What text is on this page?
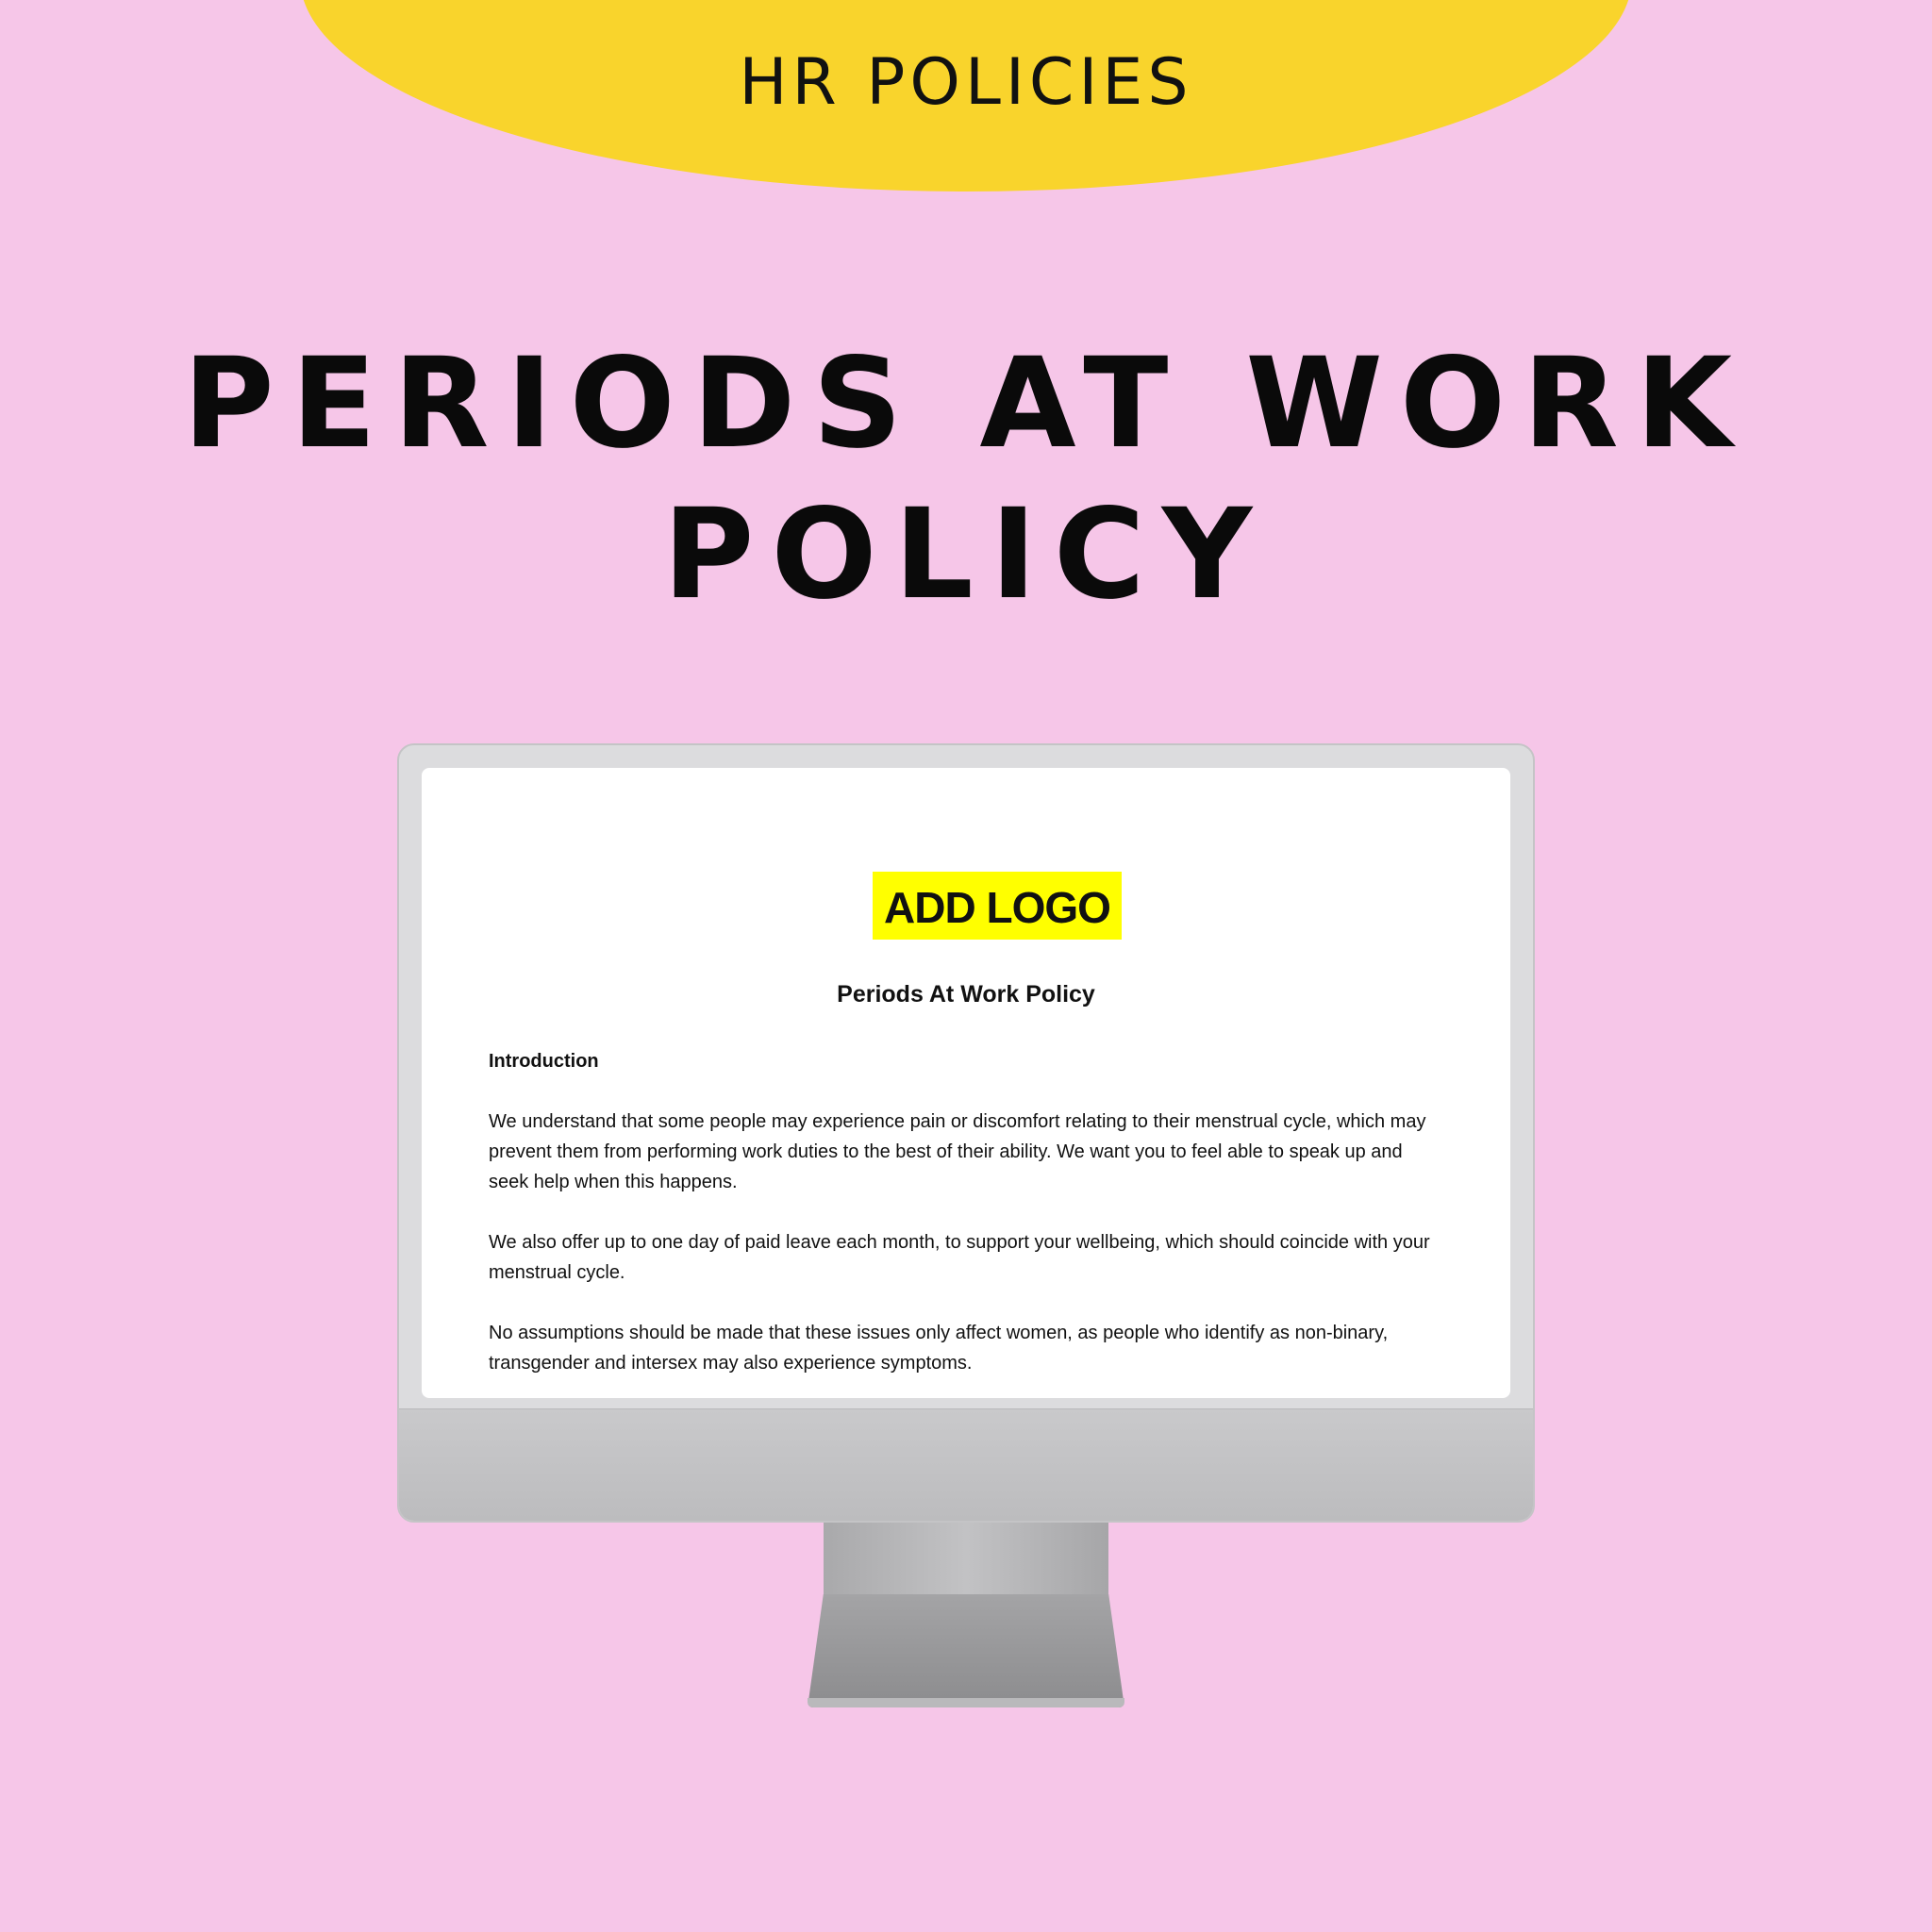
HR POLICIES
PERIODS AT WORK
POLICY
ADD LOGO
Periods At Work Policy

Introduction

We understand that some people may experience pain or discomfort relating to their menstrual cycle, which may prevent them from performing work duties to the best of their ability. We want you to feel able to speak up and seek help when this happens.

We also offer up to one day of paid leave each month, to support your wellbeing, which should coincide with your menstrual cycle.

No assumptions should be made that these issues only affect women, as people who identify as non-binary, transgender and intersex may also experience symptoms.
